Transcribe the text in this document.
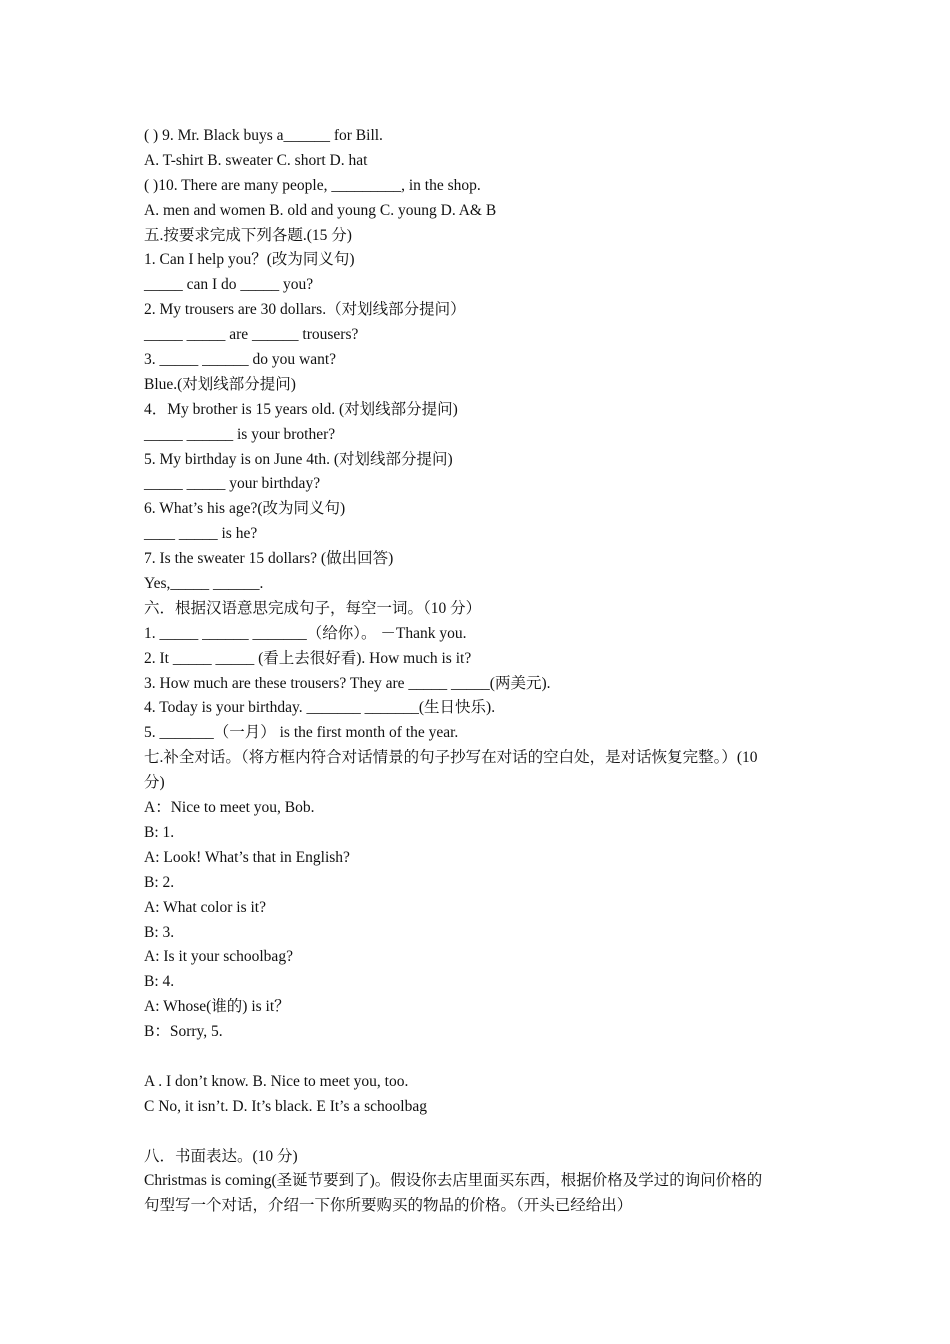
( ) 9. Mr. Black buys a______ for Bill.
A. T-shirt B. sweater C. short D. hat
( )10. There are many people, _________, in the shop.
A. men and women B. old and young C. young D. A& B
五.按要求完成下列各题.(15 分)
1. Can I help you？(改为同义句)
_____ can I do _____ you?
2. My trousers are 30 dollars.（对划线部分提问）
_____ _____ are ______ trousers?
3. _____ ______ do you want?
Blue.(对划线部分提问)
4．My brother is 15 years old. (对划线部分提问)
_____ ______ is your brother?
5. My birthday is on June 4th. (对划线部分提问)
_____ _____ your birthday?
6. What’s his age?(改为同义句)
____ _____ is he?
7. Is the sweater 15 dollars? (做出回答)
Yes,_____ ______.
六．根据汉语意思完成句子，每空一词。（10 分）
1. _____ ______ _______（给你）。 －Thank you.
2. It _____ _____ (看上去很好看). How much is it?
3. How much are these trousers? They are _____ _____(两美元).
4. Today is your birthday. _______ _______(生日快乐).
5. _______（一月） is the first month of the year.
七.补全对话。（将方框内符合对话情景的句子抄写在对话的空白处，是对话恢复完整。）(10
分)
A：Nice to meet you, Bob.
B: 1.
A: Look! What’s that in English?
B: 2.
A: What color is it?
B: 3.
A: Is it your schoolbag?
B: 4.
A: Whose(谁的) is it？
B：Sorry, 5.
A . I don’t know. B. Nice to meet you, too.
C No, it isn’t. D. It’s black. E It’s a schoolbag
八．书面表达。(10 分)
Christmas is coming(圣诞节要到了)。假设你去店里面买东西，根据价格及学过的询问价格的
句型写一个对话，介绍一下你所要购买的物品的价格。（开头已经给出）
